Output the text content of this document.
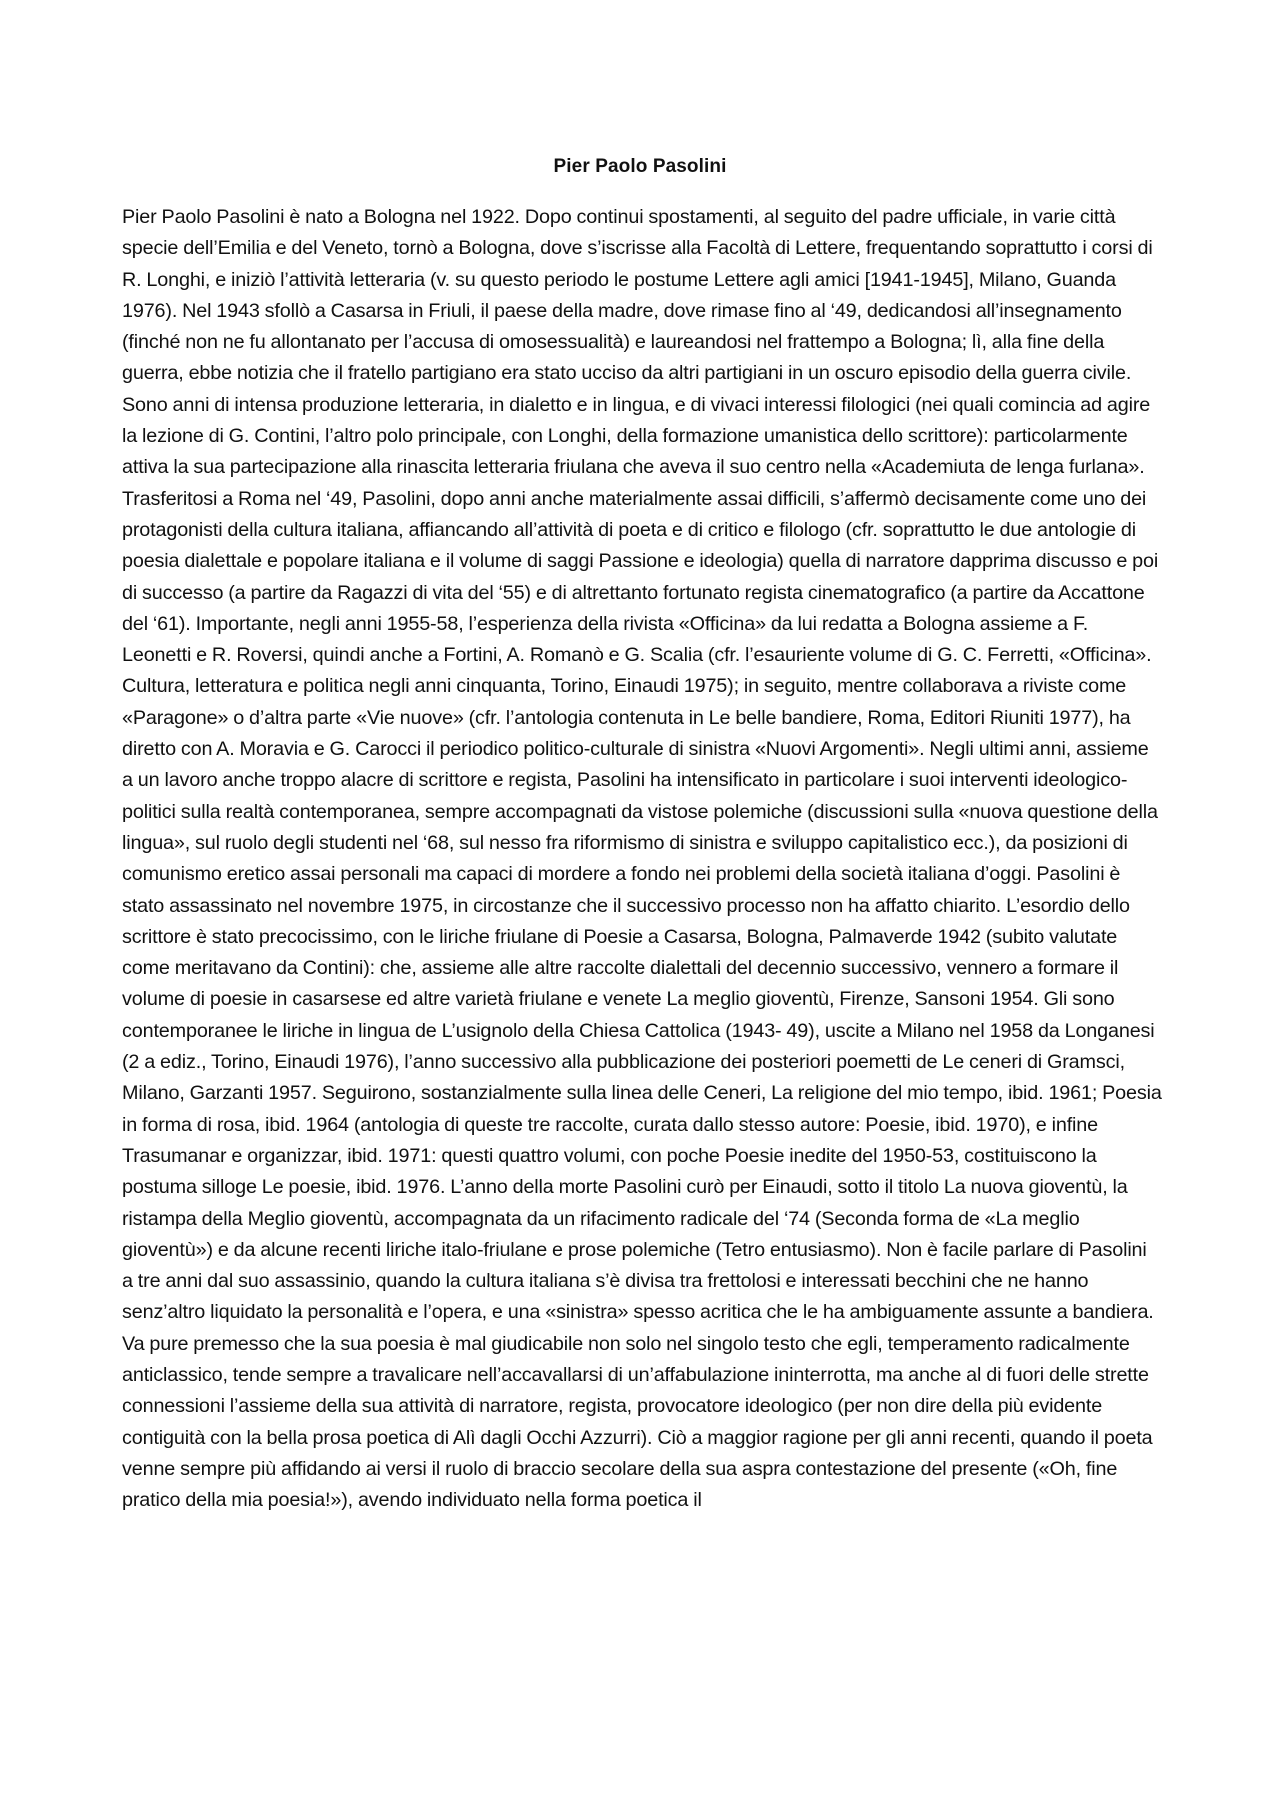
Pier Paolo Pasolini

Pier Paolo Pasolini è nato a Bologna nel 1922. Dopo continui spostamenti, al seguito del padre ufficiale, in varie città specie dell’Emilia e del Veneto, tornò a Bologna, dove s’iscrisse alla Facoltà di Lettere, frequentando soprattutto i corsi di R. Longhi, e iniziò l’attività letteraria (v. su questo periodo le postume Lettere agli amici [1941-1945], Milano, Guanda 1976). Nel 1943 sfollò a Casarsa in Friuli, il paese della madre, dove rimase fino al ‘49, dedicandosi all’insegnamento (finché non ne fu allontanato per l’accusa di omosessualità) e laureandosi nel frattempo a Bologna; lì, alla fine della guerra, ebbe notizia che il fratello partigiano era stato ucciso da altri partigiani in un oscuro episodio della guerra civile. Sono anni di intensa produzione letteraria, in dialetto e in lingua, e di vivaci interessi filologici (nei quali comincia ad agire la lezione di G. Contini, l’altro polo principale, con Longhi, della formazione umanistica dello scrittore): particolarmente attiva la sua partecipazione alla rinascita letteraria friulana che aveva il suo centro nella «Academiuta de lenga furlana». Trasferitosi a Roma nel ‘49, Pasolini, dopo anni anche materialmente assai difficili, s’affermò decisamente come uno dei protagonisti della cultura italiana, affiancando all’attività di poeta e di critico e filologo (cfr. soprattutto le due antologie di poesia dialettale e popolare italiana e il volume di saggi Passione e ideologia) quella di narratore dapprima discusso e poi di successo (a partire da Ragazzi di vita del ‘55) e di altrettanto fortunato regista cinematografico (a partire da Accattone del ‘61). Importante, negli anni 1955-58, l’esperienza della rivista «Officina» da lui redatta a Bologna assieme a F. Leonetti e R. Roversi, quindi anche a Fortini, A. Romanò e G. Scalia (cfr. l’esauriente volume di G. C. Ferretti, «Officina». Cultura, letteratura e politica negli anni cinquanta, Torino, Einaudi 1975); in seguito, mentre collaborava a riviste come «Paragone» o d’altra parte «Vie nuove» (cfr. l’antologia contenuta in Le belle bandiere, Roma, Editori Riuniti 1977), ha diretto con A. Moravia e G. Carocci il periodico politico-culturale di sinistra «Nuovi Argomenti». Negli ultimi anni, assieme a un lavoro anche troppo alacre di scrittore e regista, Pasolini ha intensificato in particolare i suoi interventi ideologico-politici sulla realtà contemporanea, sempre accompagnati da vistose polemiche (discussioni sulla «nuova questione della lingua», sul ruolo degli studenti nel ‘68, sul nesso fra riformismo di sinistra e sviluppo capitalistico ecc.), da posizioni di comunismo eretico assai personali ma capaci di mordere a fondo nei problemi della società italiana d’oggi. Pasolini è stato assassinato nel novembre 1975, in circostanze che il successivo processo non ha affatto chiarito. L’esordio dello scrittore è stato precocissimo, con le liriche friulane di Poesie a Casarsa, Bologna, Palmaverde 1942 (subito valutate come meritavano da Contini): che, assieme alle altre raccolte dialettali del decennio successivo, vennero a formare il volume di poesie in casarsese ed altre varietà friulane e venete La meglio gioventù, Firenze, Sansoni 1954. Gli sono contemporanee le liriche in lingua de L’usignolo della Chiesa Cattolica (1943- 49), uscite a Milano nel 1958 da Longanesi (2 a ediz., Torino, Einaudi 1976), l’anno successivo alla pubblicazione dei posteriori poemetti de Le ceneri di Gramsci, Milano, Garzanti 1957. Seguirono, sostanzialmente sulla linea delle Ceneri, La religione del mio tempo, ibid. 1961; Poesia in forma di rosa, ibid. 1964 (antologia di queste tre raccolte, curata dallo stesso autore: Poesie, ibid. 1970), e infine Trasumanar e organizzar, ibid. 1971: questi quattro volumi, con poche Poesie inedite del 1950-53, costituiscono la postuma silloge Le poesie, ibid. 1976. L’anno della morte Pasolini curò per Einaudi, sotto il titolo La nuova gioventù, la ristampa della Meglio gioventù, accompagnata da un rifacimento radicale del ‘74 (Seconda forma de «La meglio gioventù») e da alcune recenti liriche italo-friulane e prose polemiche (Tetro entusiasmo). Non è facile parlare di Pasolini a tre anni dal suo assassinio, quando la cultura italiana s’è divisa tra frettolosi e interessati becchini che ne hanno senz’altro liquidato la personalità e l’opera, e una «sinistra» spesso acritica che le ha ambiguamente assunte a bandiera. Va pure premesso che la sua poesia è mal giudicabile non solo nel singolo testo che egli, temperamento radicalmente anticlassico, tende sempre a travalicare nell’accavallarsi di un’affabulazione ininterrotta, ma anche al di fuori delle strette connessioni l’assieme della sua attività di narratore, regista, provocatore ideologico (per non dire della più evidente contiguità con la bella prosa poetica di Alì dagli Occhi Azzurri). Ciò a maggior ragione per gli anni recenti, quando il poeta venne sempre più affidando ai versi il ruolo di braccio secolare della sua aspra contestazione del presente («Oh, fine pratico della mia poesia!»), avendo individuato nella forma poetica il
